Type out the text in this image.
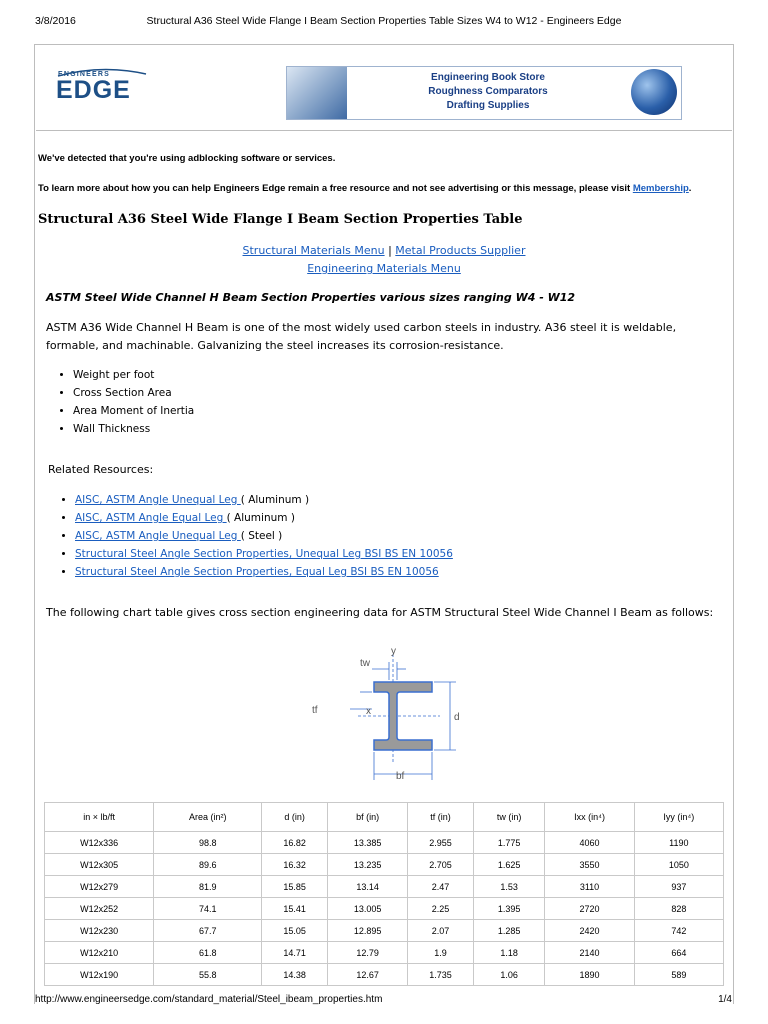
3/8/2016	Structural A36 Steel Wide Flange I Beam Section Properties Table Sizes W4 to W12 - Engineers Edge
ENGINEERS
EDGE	Engineering Book Store
Roughness Comparators
Drafting Supplies
We've detected that you're using adblocking software or services.
To learn more about how you can help Engineers Edge remain a free resource and not see advertising or this message, please visit Membership.
Structural A36 Steel Wide Flange I Beam Section Properties Table
Structural Materials Menu | Metal Products Supplier
Engineering Materials Menu
ASTM Steel Wide Channel H Beam Section Properties various sizes ranging W4 - W12
ASTM A36 Wide Channel H Beam is one of the most widely used carbon steels in industry. A36 steel it is weldable, formable, and machinable. Galvanizing the steel increases its corrosion-resistance.
• Weight per foot
• Cross Section Area
• Area Moment of Inertia
• Wall Thickness
Related Resources:
• AISC, ASTM Angle Unequal Leg ( Aluminum )
• AISC, ASTM Angle Equal Leg ( Aluminum )
• AISC, ASTM Angle Unequal Leg ( Steel )
• Structural Steel Angle Section Properties, Unequal Leg BSI BS EN 10056
• Structural Steel Angle Section Properties, Equal Leg BSI BS EN 10056
The following chart table gives cross section engineering data for ASTM Structural Steel Wide Channel I Beam as follows:
y
tw
tf	x
d
bf
in × lb/ft	Area (in²)	d (in)	bf (in)	tf (in)	tw (in)	Ixx (in⁴)	Iyy (in⁴)
W12x336	98.8	16.82	13.385	2.955	1.775	4060	1190
W12x305	89.6	16.32	13.235	2.705	1.625	3550	1050
W12x279	81.9	15.85	13.14	2.47	1.53	3110	937
W12x252	74.1	15.41	13.005	2.25	1.395	2720	828
W12x230	67.7	15.05	12.895	2.07	1.285	2420	742
W12x210	61.8	14.71	12.79	1.9	1.18	2140	664
W12x190	55.8	14.38	12.67	1.735	1.06	1890	589
http://www.engineersedge.com/standard_material/Steel_ibeam_properties.htm	1/4
